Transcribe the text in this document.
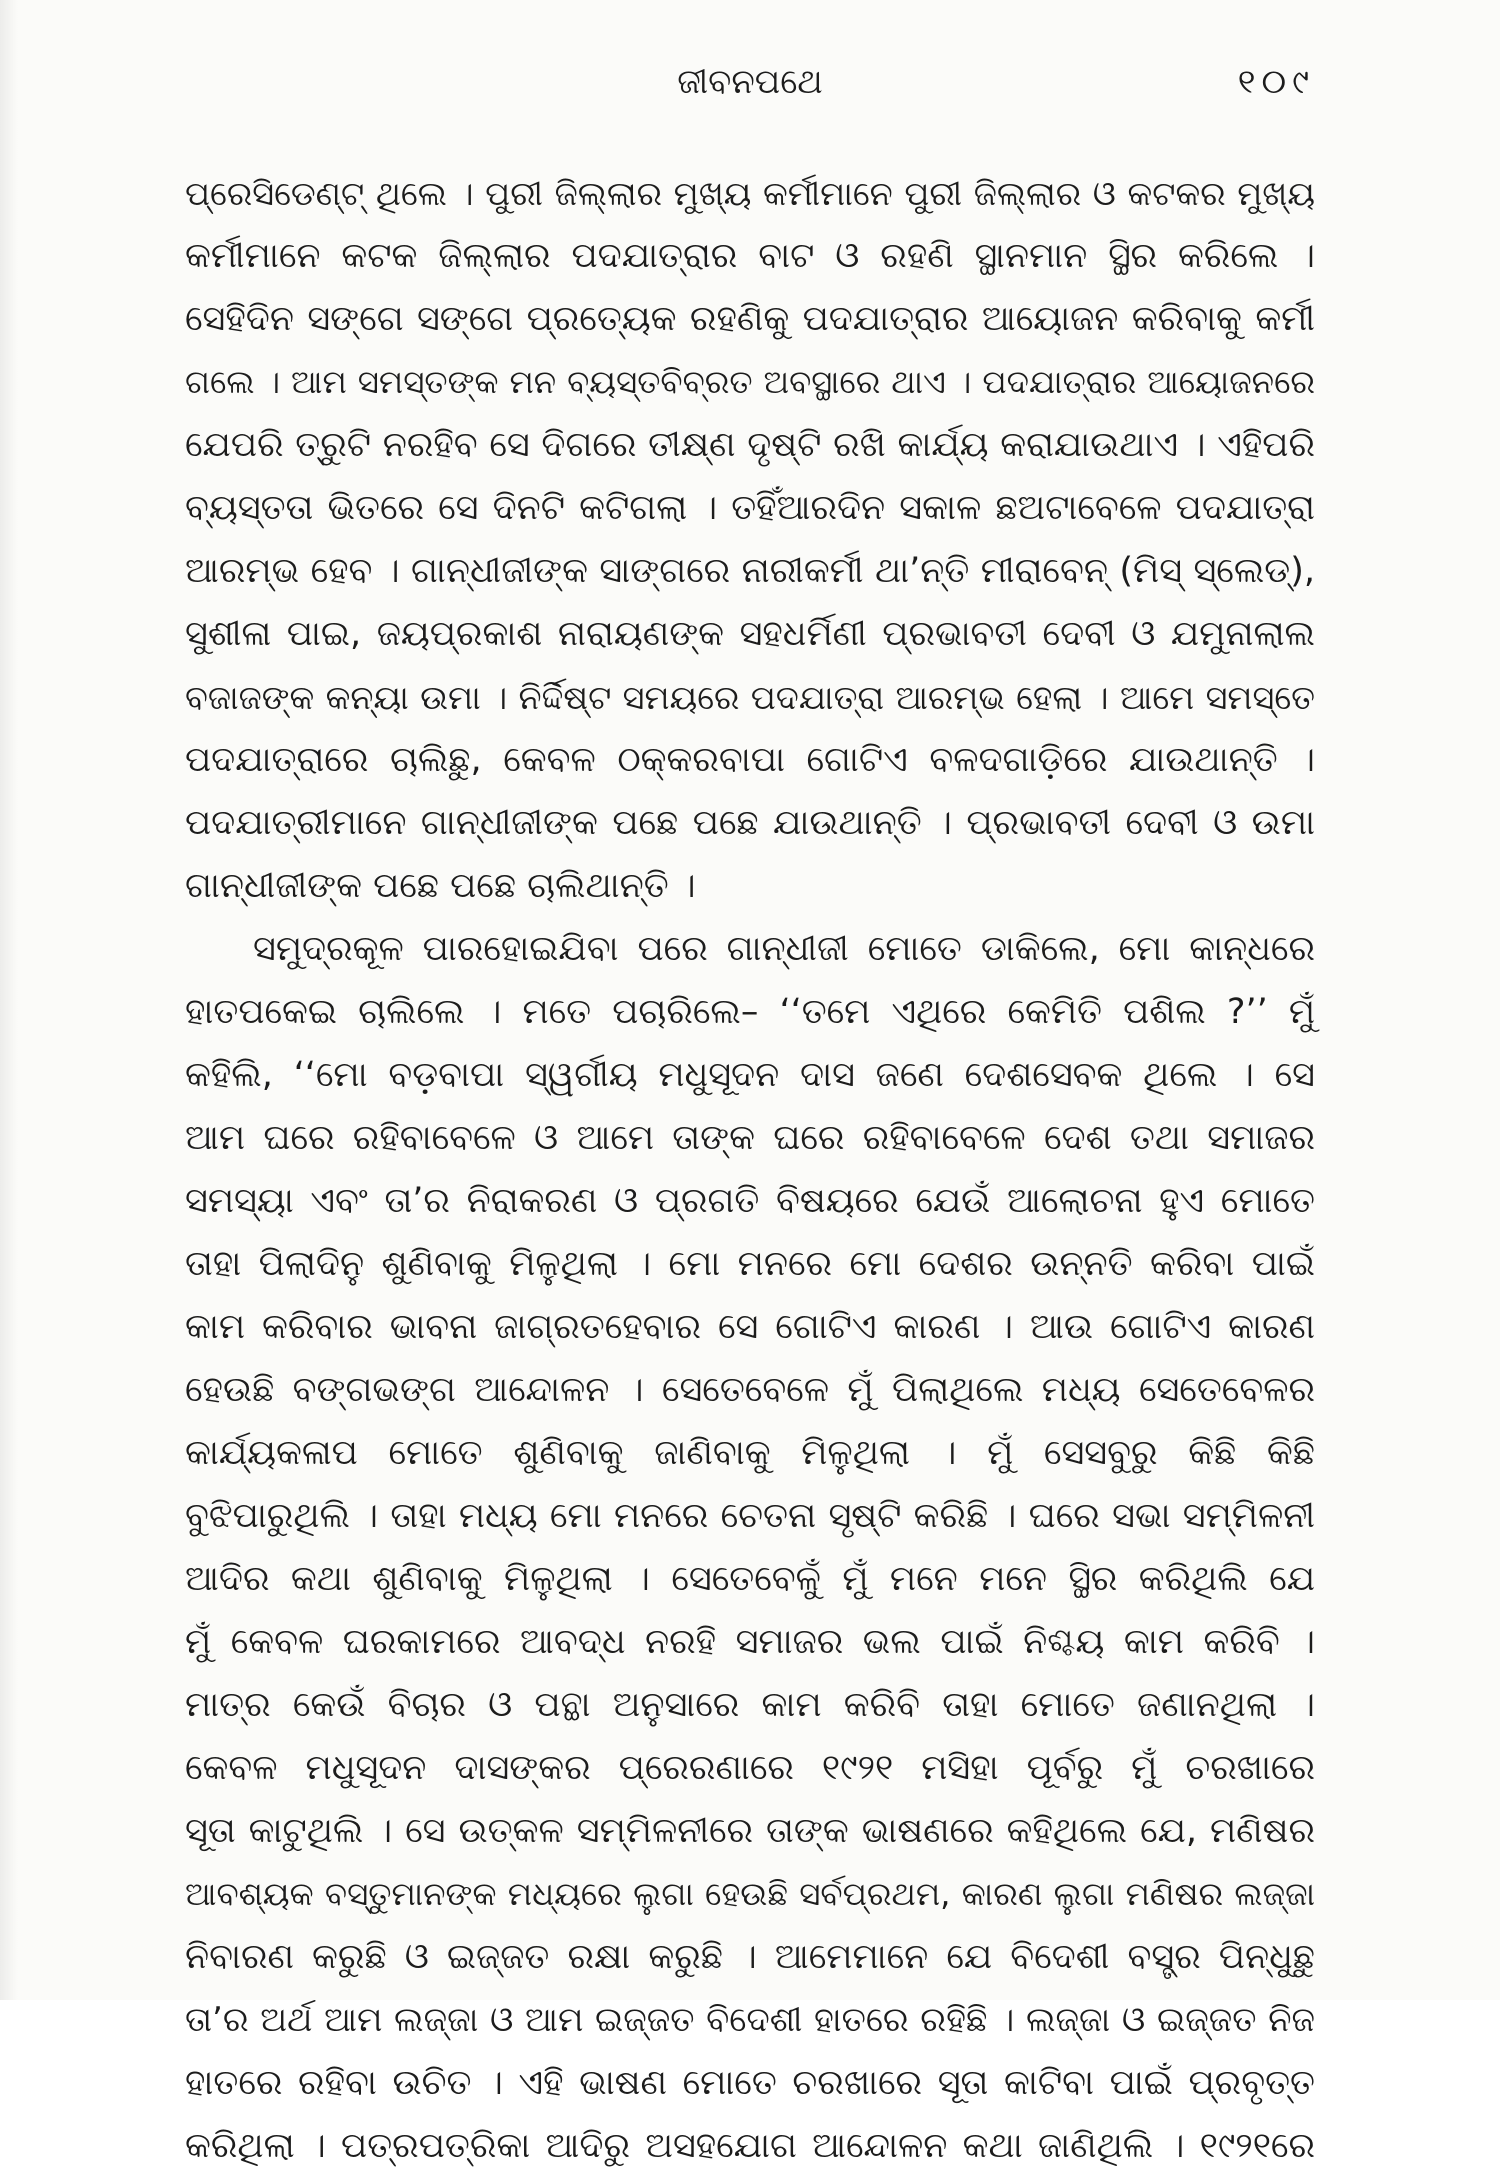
ଜୀବନପଥେ	୧୦୯
ପ୍ରେସିଡେଣ୍ଟ୍ ଥିଲେ । ପୁରୀ ଜିଲ୍ଲାର ମୁଖ୍ୟ କର୍ମୀମାନେ ପୁରୀ ଜିଲ୍ଲାର ଓ କଟକର ମୁଖ୍ୟ
କର୍ମୀମାନେ କଟକ ଜିଲ୍ଲାର ପଦଯାତ୍ରାର ବାଟ ଓ ରହଣି ସ୍ଥାନମାନ ସ୍ଥିର କରିଲେ ।
ସେହିଦିନ ସଙ୍ଗେ ସଙ୍ଗେ ପ୍ରତ୍ୟେକ ରହଣିକୁ ପଦଯାତ୍ରାର ଆୟୋଜନ କରିବାକୁ କର୍ମୀ
ଗଲେ । ଆମ ସମସ୍ତଙ୍କ ମନ ବ୍ୟସ୍ତବିବ୍ରତ ଅବସ୍ଥାରେ ଥାଏ । ପଦଯାତ୍ରାର ଆୟୋଜନରେ
ଯେପରି ତ୍ରୁଟି ନରହିବ ସେ ଦିଗରେ ତୀକ୍ଷ୍ଣ ଦୃଷ୍ଟି ରଖି କାର୍ଯ୍ୟ କରାଯାଉଥାଏ । ଏହିପରି
ବ୍ୟସ୍ତତା ଭିତରେ ସେ ଦିନଟି କଟିଗଲା । ତହିଁଆରଦିନ ସକାଳ ଛଅଟାବେଳେ ପଦଯାତ୍ରା
ଆରମ୍ଭ ହେବ । ଗାନ୍ଧୀଜୀଙ୍କ ସାଙ୍ଗରେ ନାରୀକର୍ମୀ ଥା’ନ୍ତି ମୀରାବେନ୍ (ମିସ୍ ସ୍ଲେଡ୍),
ସୁଶୀଳା ପାଇ, ଜୟପ୍ରକାଶ ନାରାୟଣଙ୍କ ସହଧର୍ମିଣୀ ପ୍ରଭାବତୀ ଦେବୀ ଓ ଯମୁନାଲାଲ
ବଜାଜଙ୍କ କନ୍ୟା ଉମା । ନିର୍ଦ୍ଦିଷ୍ଟ ସମୟରେ ପଦଯାତ୍ରା ଆରମ୍ଭ ହେଲା । ଆମେ ସମସ୍ତେ
ପଦଯାତ୍ରାରେ ଚାଲିଛୁ, କେବଳ ଠକ୍କରବାପା ଗୋଟିଏ ବଳଦଗାଡ଼ିରେ ଯାଉଥାନ୍ତି ।
ପଦଯାତ୍ରୀମାନେ ଗାନ୍ଧୀଜୀଙ୍କ ପଛେ ପଛେ ଯାଉଥାନ୍ତି । ପ୍ରଭାବତୀ ଦେବୀ ଓ ଉମା
ଗାନ୍ଧୀଜୀଙ୍କ ପଛେ ପଛେ ଚାଲିଥାନ୍ତି ।
ସମୁଦ୍ରକୂଳ ପାରହୋଇଯିବା ପରେ ଗାନ୍ଧୀଜୀ ମୋତେ ଡାକିଲେ, ମୋ କାନ୍ଧରେ
ହାତପକେଇ ଚାଲିଲେ । ମତେ ପଚାରିଲେ– ‘‘ତମେ ଏଥିରେ କେମିତି ପଶିଲ ?’’ ମୁଁ
କହିଲି, ‘‘ମୋ ବଡ଼ବାପା ସ୍ୱର୍ଗୀୟ ମଧୁସୂଦନ ଦାସ ଜଣେ ଦେଶସେବକ ଥିଲେ । ସେ
ଆମ ଘରେ ରହିବାବେଳେ ଓ ଆମେ ତାଙ୍କ ଘରେ ରହିବାବେଳେ ଦେଶ ତଥା ସମାଜର
ସମସ୍ୟା ଏବଂ ତା’ର ନିରାକରଣ ଓ ପ୍ରଗତି ବିଷୟରେ ଯେଉଁ ଆଲୋଚନା ହୁଏ ମୋତେ
ତାହା ପିଲାଦିନୁ ଶୁଣିବାକୁ ମିଳୁଥିଲା । ମୋ ମନରେ ମୋ ଦେଶର ଉନ୍ନତି କରିବା ପାଇଁ
କାମ କରିବାର ଭାବନା ଜାଗ୍ରତହେବାର ସେ ଗୋଟିଏ କାରଣ । ଆଉ ଗୋଟିଏ କାରଣ
ହେଉଛି ବଙ୍ଗଭଙ୍ଗ ଆନ୍ଦୋଳନ । ସେତେବେଳେ ମୁଁ ପିଲାଥିଲେ ମଧ୍ୟ ସେତେବେଳର
କାର୍ଯ୍ୟକଳାପ ମୋତେ ଶୁଣିବାକୁ ଜାଣିବାକୁ ମିଳୁଥିଲା । ମୁଁ ସେସବୁରୁ କିଛି କିଛି
ବୁଝିପାରୁଥିଲି । ତାହା ମଧ୍ୟ ମୋ ମନରେ ଚେତନା ସୃଷ୍ଟି କରିଛି । ଘରେ ସଭା ସମ୍ମିଳନୀ
ଆଦିର କଥା ଶୁଣିବାକୁ ମିଳୁଥିଲା । ସେତେବେଳୁଁ ମୁଁ ମନେ ମନେ ସ୍ଥିର କରିଥିଲି ଯେ
ମୁଁ କେବଳ ଘରକାମରେ ଆବଦ୍ଧ ନରହି ସମାଜର ଭଲ ପାଇଁ ନିଶ୍ଚୟ କାମ କରିବି ।
ମାତ୍ର କେଉଁ ବିଚାର ଓ ପନ୍ଥା ଅନୁସାରେ କାମ କରିବି ତାହା ମୋତେ ଜଣାନଥିଲା ।
କେବଳ ମଧୁସୂଦନ ଦାସଙ୍କର ପ୍ରେରଣାରେ ୧୯୨୧ ମସିହା ପୂର୍ବରୁ ମୁଁ ଚରଖାରେ
ସୂତା କାଟୁଥିଲି । ସେ ଉତ୍କଳ ସମ୍ମିଳନୀରେ ତାଙ୍କ ଭାଷଣରେ କହିଥିଲେ ଯେ, ମଣିଷର
ଆବଶ୍ୟକ ବସ୍ତୁମାନଙ୍କ ମଧ୍ୟରେ ଲୁଗା ହେଉଛି ସର୍ବପ୍ରଥମ, କାରଣ ଲୁଗା ମଣିଷର ଲଜ୍ଜା
ନିବାରଣ କରୁଛି ଓ ଇଜ୍ଜତ ରକ୍ଷା କରୁଛି । ଆମେମାନେ ଯେ ବିଦେଶୀ ବସ୍ତ୍ର ପିନ୍ଧୁଛୁ
ତା’ର ଅର୍ଥ ଆମ ଲଜ୍ଜା ଓ ଆମ ଇଜ୍ଜତ ବିଦେଶୀ ହାତରେ ରହିଛି । ଲଜ୍ଜା ଓ ଇଜ୍ଜତ ନିଜ
ହାତରେ ରହିବା ଉଚିତ । ଏହି ଭାଷଣ ମୋତେ ଚରଖାରେ ସୂତା କାଟିବା ପାଇଁ ପ୍ରବୃତ୍ତ
କରିଥିଲା । ପତ୍ରପତ୍ରିକା ଆଦିରୁ ଅସହଯୋଗ ଆନ୍ଦୋଳନ କଥା ଜାଣିଥିଲି । ୧୯୨୧ରେ
